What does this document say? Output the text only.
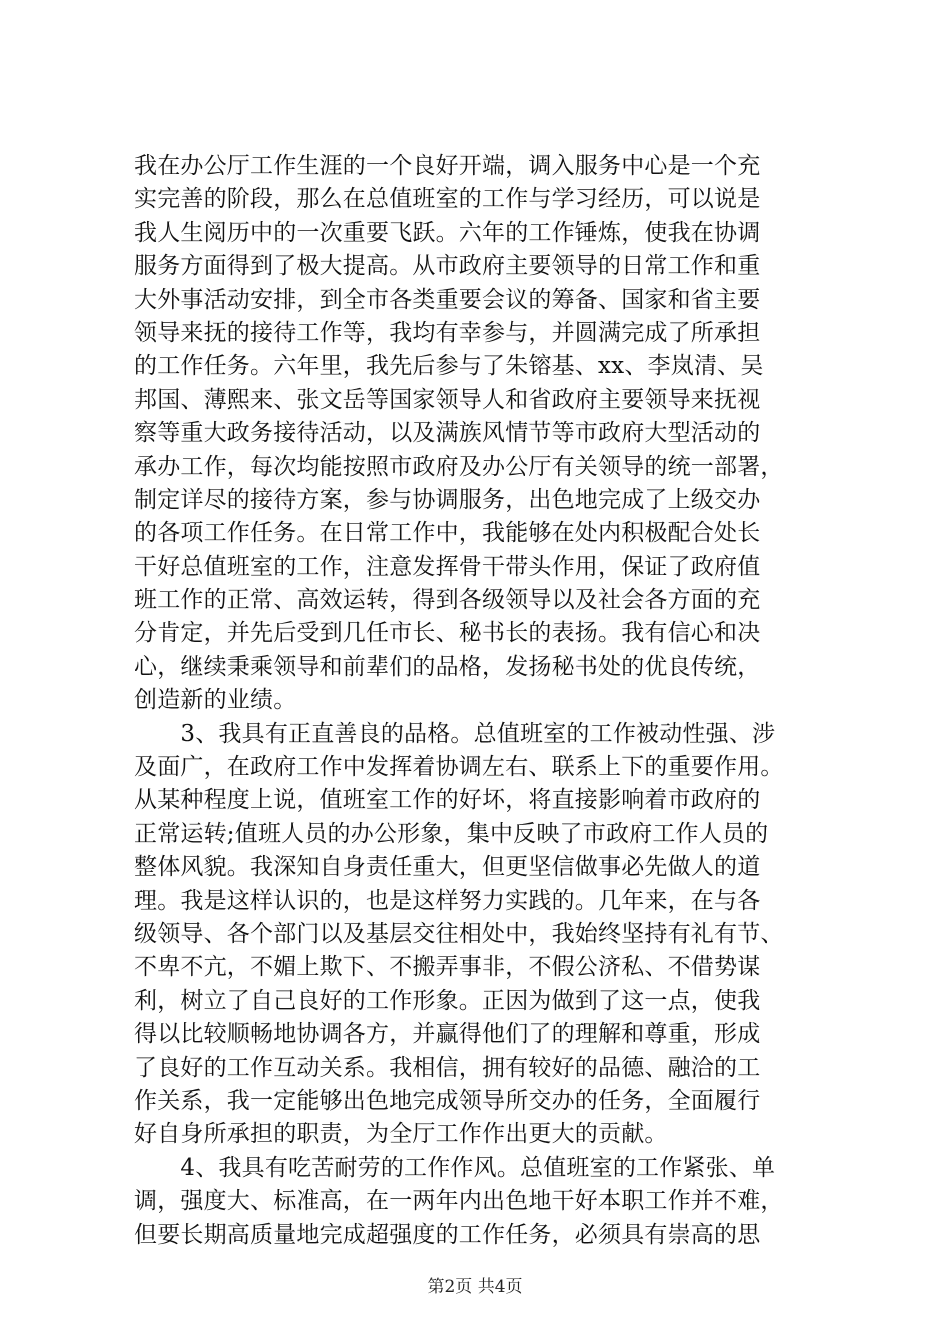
我在办公厅工作生涯的一个良好开端，调入服务中心是一个充
实完善的阶段，那么在总值班室的工作与学习经历，可以说是
我人生阅历中的一次重要飞跃。六年的工作锤炼，使我在协调
服务方面得到了极大提高。从市政府主要领导的日常工作和重
大外事活动安排，到全市各类重要会议的筹备、国家和省主要
领导来抚的接待工作等，我均有幸参与，并圆满完成了所承担
的工作任务。六年里，我先后参与了朱镕基、xx、李岚清、吴
邦国、薄熙来、张文岳等国家领导人和省政府主要领导来抚视
察等重大政务接待活动，以及满族风情节等市政府大型活动的
承办工作，每次均能按照市政府及办公厅有关领导的统一部署，
制定详尽的接待方案，参与协调服务，出色地完成了上级交办
的各项工作任务。在日常工作中，我能够在处内积极配合处长
干好总值班室的工作，注意发挥骨干带头作用，保证了政府值
班工作的正常、高效运转，得到各级领导以及社会各方面的充
分肯定，并先后受到几任市长、秘书长的表扬。我有信心和决
心，继续秉乘领导和前辈们的品格，发扬秘书处的优良传统，
创造新的业绩。
　　3、我具有正直善良的品格。总值班室的工作被动性强、涉
及面广，在政府工作中发挥着协调左右、联系上下的重要作用。
从某种程度上说，值班室工作的好坏，将直接影响着市政府的
正常运转;值班人员的办公形象，集中反映了市政府工作人员的
整体风貌。我深知自身责任重大，但更坚信做事必先做人的道
理。我是这样认识的，也是这样努力实践的。几年来，在与各
级领导、各个部门以及基层交往相处中，我始终坚持有礼有节、
不卑不亢，不媚上欺下、不搬弄事非，不假公济私、不借势谋
利，树立了自己良好的工作形象。正因为做到了这一点，使我
得以比较顺畅地协调各方，并赢得他们了的理解和尊重，形成
了良好的工作互动关系。我相信，拥有较好的品德、融洽的工
作关系，我一定能够出色地完成领导所交办的任务，全面履行
好自身所承担的职责，为全厅工作作出更大的贡献。
　　4、我具有吃苦耐劳的工作作风。总值班室的工作紧张、单
调，强度大、标准高，在一两年内出色地干好本职工作并不难，
但要长期高质量地完成超强度的工作任务，必须具有崇高的思
第2页 共4页
